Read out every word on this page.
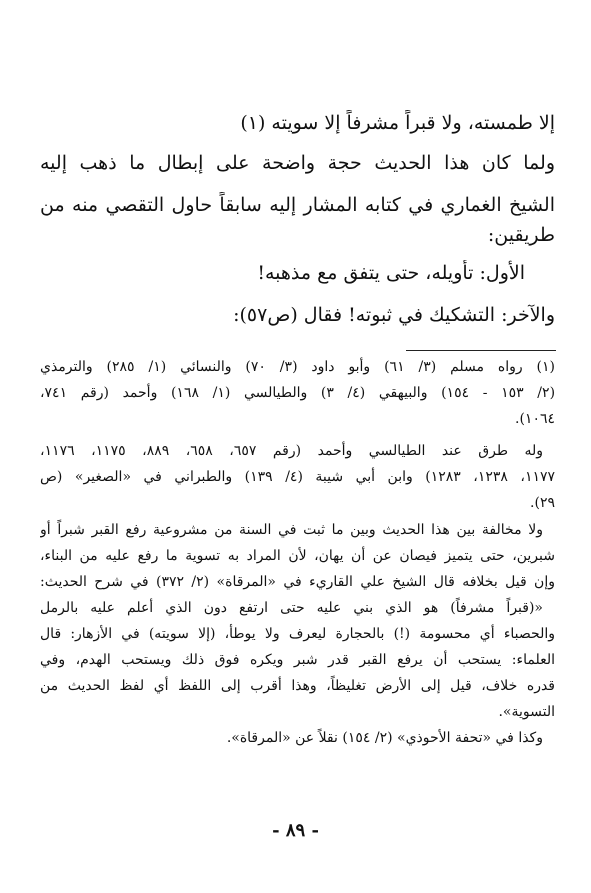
إلا طمسته، ولا قبراً مشرفاً إلا سويته (١)

ولما كان هذا الحديث حجة واضحة على إبطال ما ذهب إليه

الشيخ الغماري في كتابه المشار إليه سابقاً حاول التقصي منه من

طريقين:

الأول: تأويله، حتى يتفق مع مذهبه!

والآخر: التشكيك في ثبوته! فقال (ص٥٧):

(١) رواه مسلم (٣/ ٦١) وأبو داود (٣/ ٧٠) والنسائي (١/ ٢٨٥) والترمذي

(٢/ ١٥٣ - ١٥٤) والبيهقي (٤/ ٣) والطيالسي (١/ ١٦٨) وأحمد (رقم ٧٤١،

١٠٦٤).

وله طرق عند الطيالسي وأحمد (رقم ٦٥٧، ٦٥٨، ٨٨٩، ١١٧٥، ١١٧٦،

١١٧٧، ١٢٣٨، ١٢٨٣) وابن أبي شيبة (٤/ ١٣٩) والطبراني في «الصغير» (ص

٢٩).

ولا مخالفة بين هذا الحديث وبين ما ثبت في السنة من مشروعية رفع القبر شبراً أو

شبرين، حتى يتميز فيصان عن أن يهان، لأن المراد به تسوية ما رفع عليه من البناء،

وإن قيل بخلافه قال الشيخ علي القاريء في «المرقاة» (٢/ ٣٧٢) في شرح الحديث:

«(قبراً مشرفاً) هو الذي بني عليه حتى ارتفع دون الذي أعلم عليه بالرمل

والحصباء أي محسومة (!) بالحجارة ليعرف ولا يوطأ، (إلا سويته) في الأزهار: قال

العلماء: يستحب أن يرفع القبر قدر شبر ويكره فوق ذلك ويستحب الهدم، وفي

قدره خلاف، قيل إلى الأرض تغليظاً، وهذا أقرب إلى اللفظ أي لفظ الحديث من

التسوية».

وكذا في «تحفة الأحوذي» (٢/ ١٥٤) نقلاً عن «المرقاة».

- ٨٩ -
